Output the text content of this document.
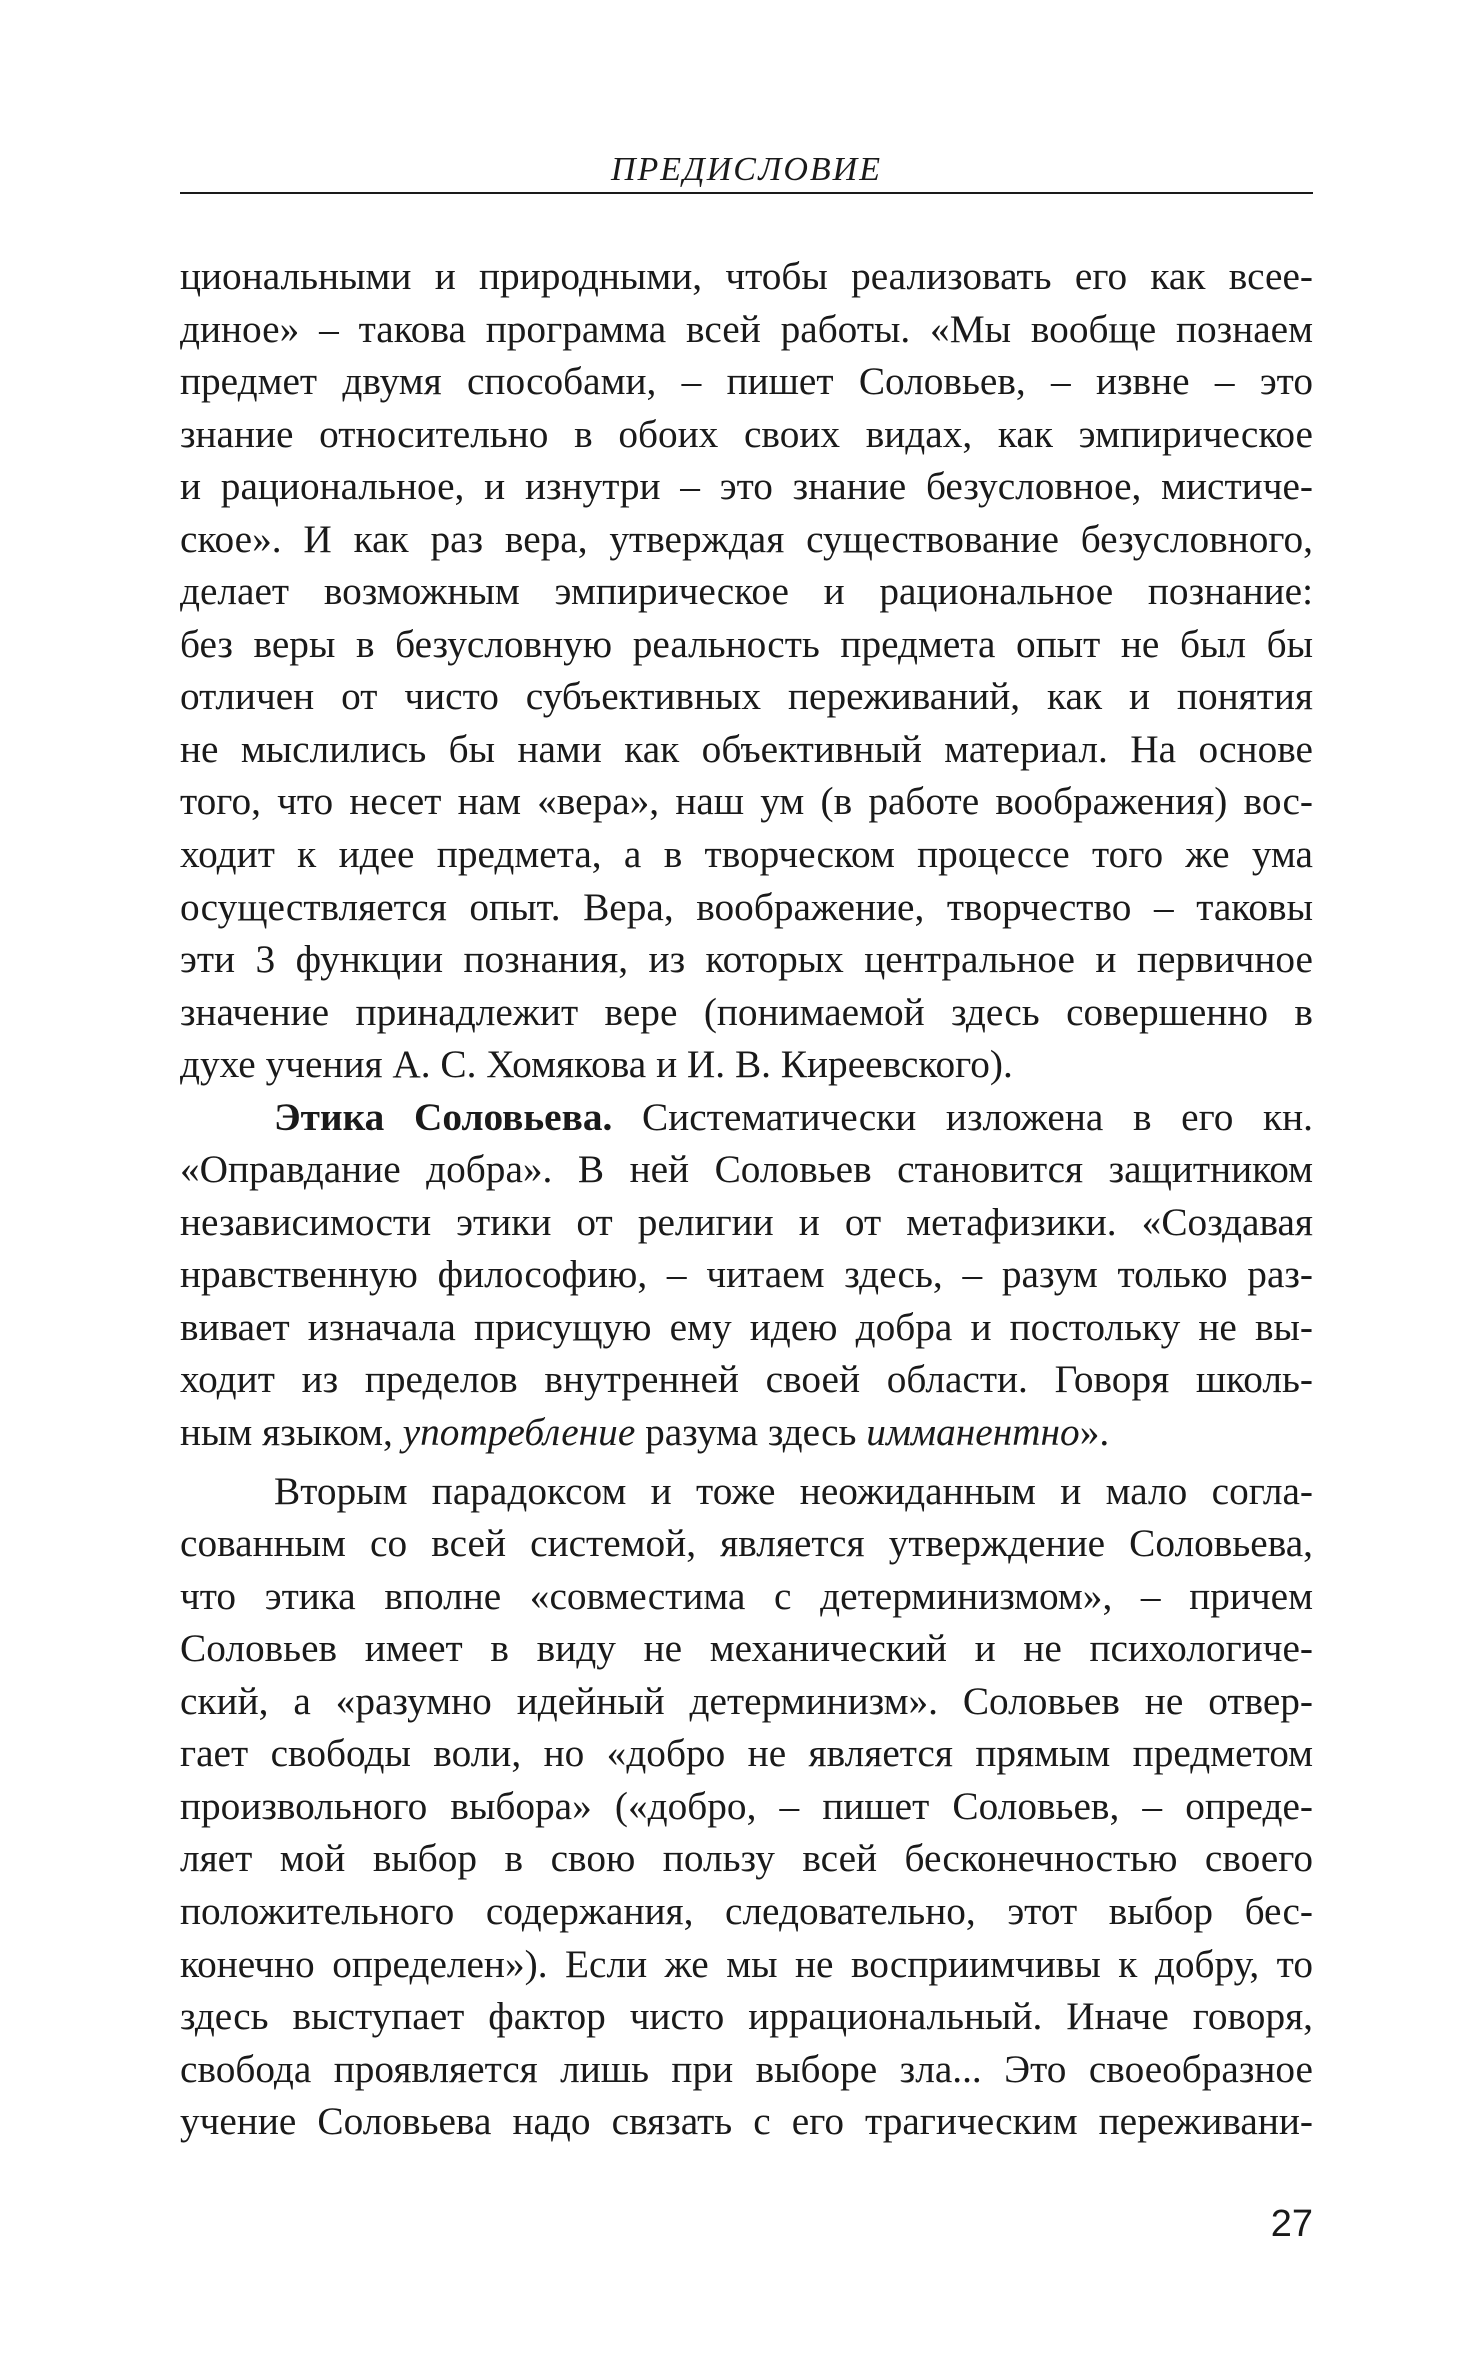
ПРЕДИСЛОВИЕ
циональными и природными, чтобы реализовать его как всее-
диное» – такова программа всей работы. «Мы вообще познаем
предмет двумя способами, – пишет Соловьев, – извне – это
знание относительно в обоих своих видах, как эмпирическое
и рациональное, и изнутри – это знание безусловное, мистиче-
ское». И как раз вера, утверждая существование безусловного,
делает возможным эмпирическое и рациональное познание:
без веры в безусловную реальность предмета опыт не был бы
отличен от чисто субъективных переживаний, как и понятия
не мыслились бы нами как объективный материал. На основе
того, что несет нам «вера», наш ум (в работе воображения) вос-
ходит к идее предмета, а в творческом процессе того же ума
осуществляется опыт. Вера, воображение, творчество – таковы
эти 3 функции познания, из которых центральное и первичное
значение принадлежит вере (понимаемой здесь совершенно в
духе учения А. С. Хомякова и И. В. Киреевского).
Этика Соловьева. Систематически изложена в его кн.
«Оправдание добра». В ней Соловьев становится защитником
независимости этики от религии и от метафизики. «Создавая
нравственную философию, – читаем здесь, – разум только раз-
вивает изначала присущую ему идею добра и постольку не вы-
ходит из пределов внутренней своей области. Говоря школь-
ным языком, употребление разума здесь имманентно».
Вторым парадоксом и тоже неожиданным и мало согла-
сованным со всей системой, является утверждение Соловьева,
что этика вполне «совместима с детерминизмом», – причем
Соловьев имеет в виду не механический и не психологиче-
ский, а «разумно идейный детерминизм». Соловьев не отвер-
гает свободы воли, но «добро не является прямым предметом
произвольного выбора» («добро, – пишет Соловьев, – опреде-
ляет мой выбор в свою пользу всей бесконечностью своего
положительного содержания, следовательно, этот выбор бес-
конечно определен»). Если же мы не восприимчивы к добру, то
здесь выступает фактор чисто иррациональный. Иначе говоря,
свобода проявляется лишь при выборе зла... Это своеобразное
учение Соловьева надо связать с его трагическим переживани-
27
